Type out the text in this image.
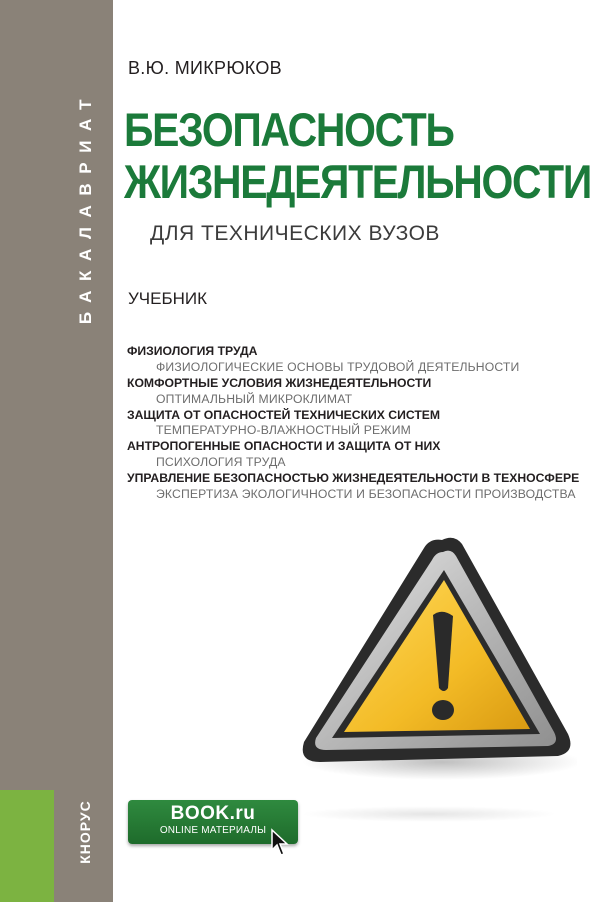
БАКАЛАВРИАТ
КНОРУС
В.Ю. МИКРЮКОВ
БЕЗОПАСНОСТЬ
ЖИЗНЕДЕЯТЕЛЬНОСТИ
ДЛЯ ТЕХНИЧЕСКИХ ВУЗОВ
УЧЕБНИК
ФИЗИОЛОГИЯ ТРУДА
ФИЗИОЛОГИЧЕСКИЕ ОСНОВЫ ТРУДОВОЙ ДЕЯТЕЛЬНОСТИ
КОМФОРТНЫЕ УСЛОВИЯ ЖИЗНЕДЕЯТЕЛЬНОСТИ
ОПТИМАЛЬНЫЙ МИКРОКЛИМАТ
ЗАЩИТА ОТ ОПАСНОСТЕЙ ТЕХНИЧЕСКИХ СИСТЕМ
ТЕМПЕРАТУРНО-ВЛАЖНОСТНЫЙ РЕЖИМ
АНТРОПОГЕННЫЕ ОПАСНОСТИ И ЗАЩИТА ОТ НИХ
ПСИХОЛОГИЯ ТРУДА
УПРАВЛЕНИЕ БЕЗОПАСНОСТЬЮ ЖИЗНЕДЕЯТЕЛЬНОСТИ В ТЕХНОСФЕРЕ
ЭКСПЕРТИЗА ЭКОЛОГИЧНОСТИ И БЕЗОПАСНОСТИ ПРОИЗВОДСТВА
BOOK.ru
ONLINE МАТЕРИАЛЫ
